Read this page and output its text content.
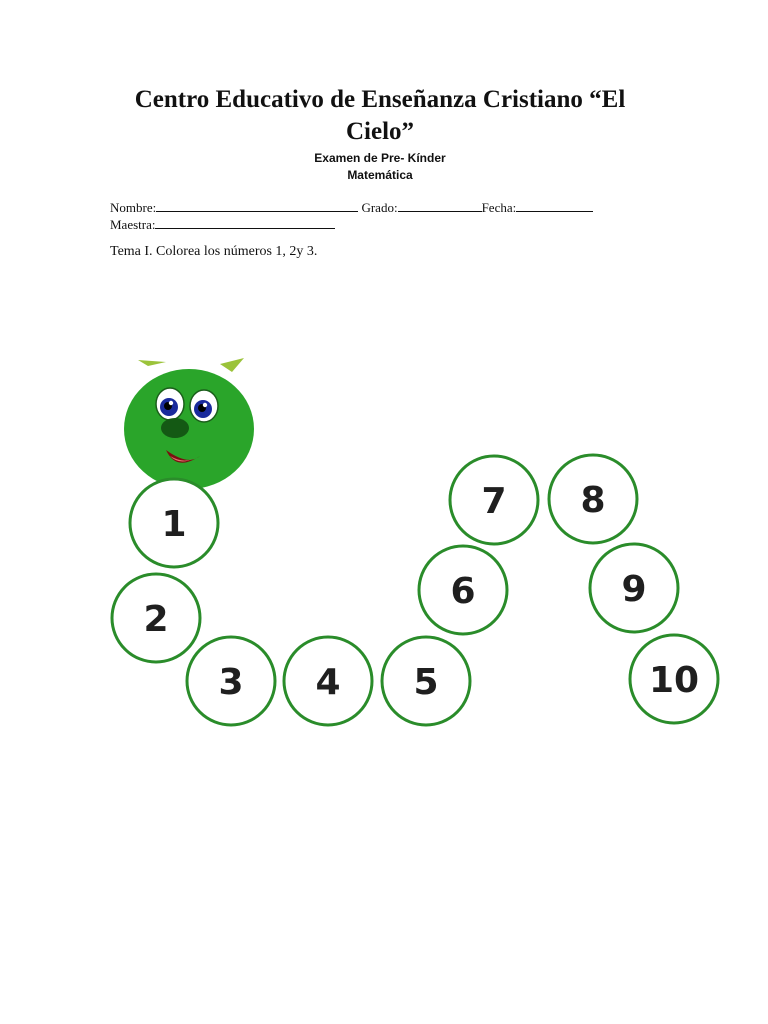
Centro Educativo de Enseñanza Cristiano “El Cielo”
Examen de Pre- Kínder
Matemática
Nombre:	Grado:	Fecha:
Maestra:
Tema I. Colorea los números 1, 2y 3.
1
2
3 4 5
6
7 8
9
10
